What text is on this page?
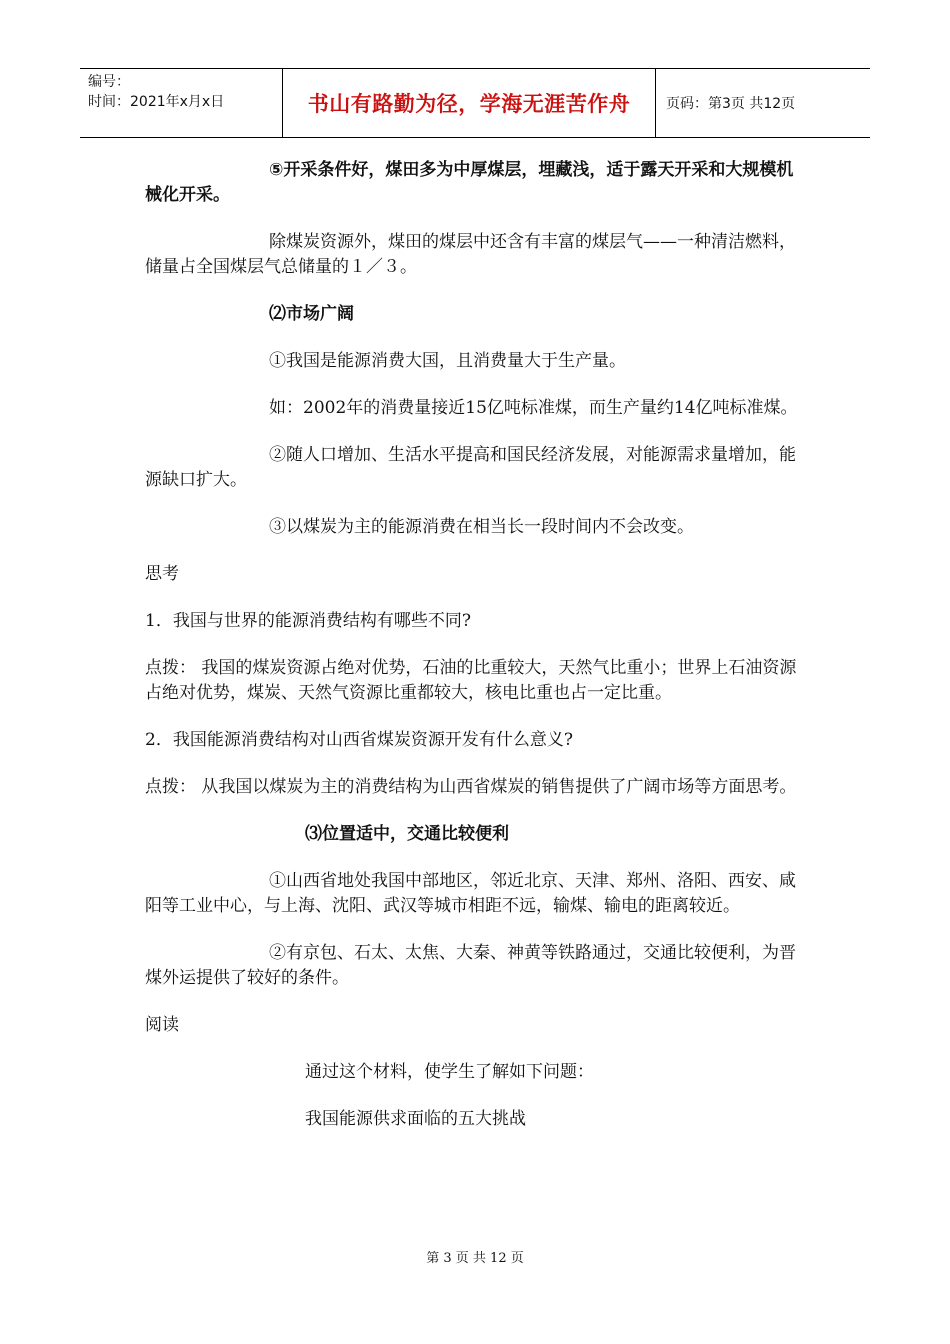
编号：
时间：2021年x月x日	书山有路勤为径，学海无涯苦作舟	页码：第3页 共12页

⑤开采条件好，煤田多为中厚煤层，埋藏浅，适于露天开采和大规模机械化开采。

除煤炭资源外，煤田的煤层中还含有丰富的煤层气——一种清洁燃料，储量占全国煤层气总储量的１／３。

⑵市场广阔

①我国是能源消费大国，且消费量大于生产量。

如：2002年的消费量接近15亿吨标准煤，而生产量约14亿吨标准煤。

②随人口增加、生活水平提高和国民经济发展，对能源需求量增加，能源缺口扩大。

③以煤炭为主的能源消费在相当长一段时间内不会改变。

思考

1．我国与世界的能源消费结构有哪些不同?

点拨： 我国的煤炭资源占绝对优势，石油的比重较大，天然气比重小；世界上石油资源占绝对优势，煤炭、天然气资源比重都较大，核电比重也占一定比重。

2．我国能源消费结构对山西省煤炭资源开发有什么意义?

点拨： 从我国以煤炭为主的消费结构为山西省煤炭的销售提供了广阔市场等方面思考。

⑶位置适中，交通比较便利

①山西省地处我国中部地区，邻近北京、天津、郑州、洛阳、西安、咸阳等工业中心，与上海、沈阳、武汉等城市相距不远，输煤、输电的距离较近。

②有京包、石太、太焦、大秦、神黄等铁路通过，交通比较便利，为晋煤外运提供了较好的条件。

阅读

通过这个材料，使学生了解如下问题：

我国能源供求面临的五大挑战

第 3 页 共 12 页
